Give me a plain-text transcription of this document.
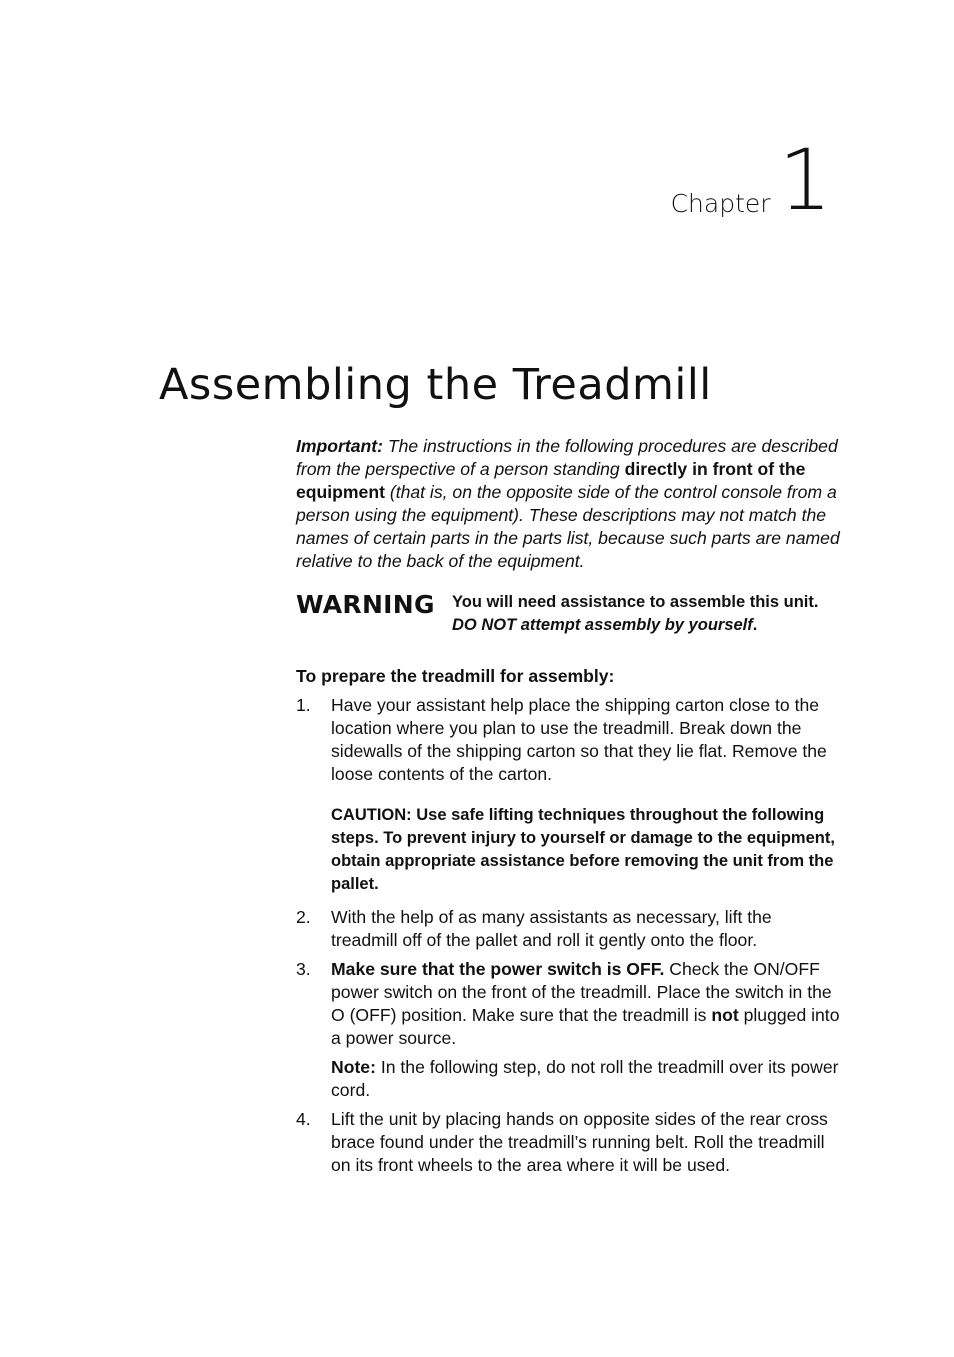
Chapter 1
Assembling the Treadmill

Important: The instructions in the following procedures are described from the perspective of a person standing directly in front of the equipment (that is, on the opposite side of the control console from a person using the equipment). These descriptions may not match the names of certain parts in the parts list, because such parts are named relative to the back of the equipment.

WARNING	You will need assistance to assemble this unit.
DO NOT attempt assembly by yourself.
To prepare the treadmill for assembly:
1.	Have your assistant help place the shipping carton close to the location where you plan to use the treadmill. Break down the sidewalls of the shipping carton so that they lie flat. Remove the loose contents of the carton.
CAUTION: Use safe lifting techniques throughout the following steps. To prevent injury to yourself or damage to the equipment, obtain appropriate assistance before removing the unit from the pallet.
2.	With the help of as many assistants as necessary, lift the treadmill off of the pallet and roll it gently onto the floor.
3.	Make sure that the power switch is OFF. Check the ON/OFF power switch on the front of the treadmill. Place the switch in the O (OFF) position. Make sure that the treadmill is not plugged into a power source.
Note: In the following step, do not roll the treadmill over its power cord.
4.	Lift the unit by placing hands on opposite sides of the rear cross brace found under the treadmill’s running belt. Roll the treadmill on its front wheels to the area where it will be used.
